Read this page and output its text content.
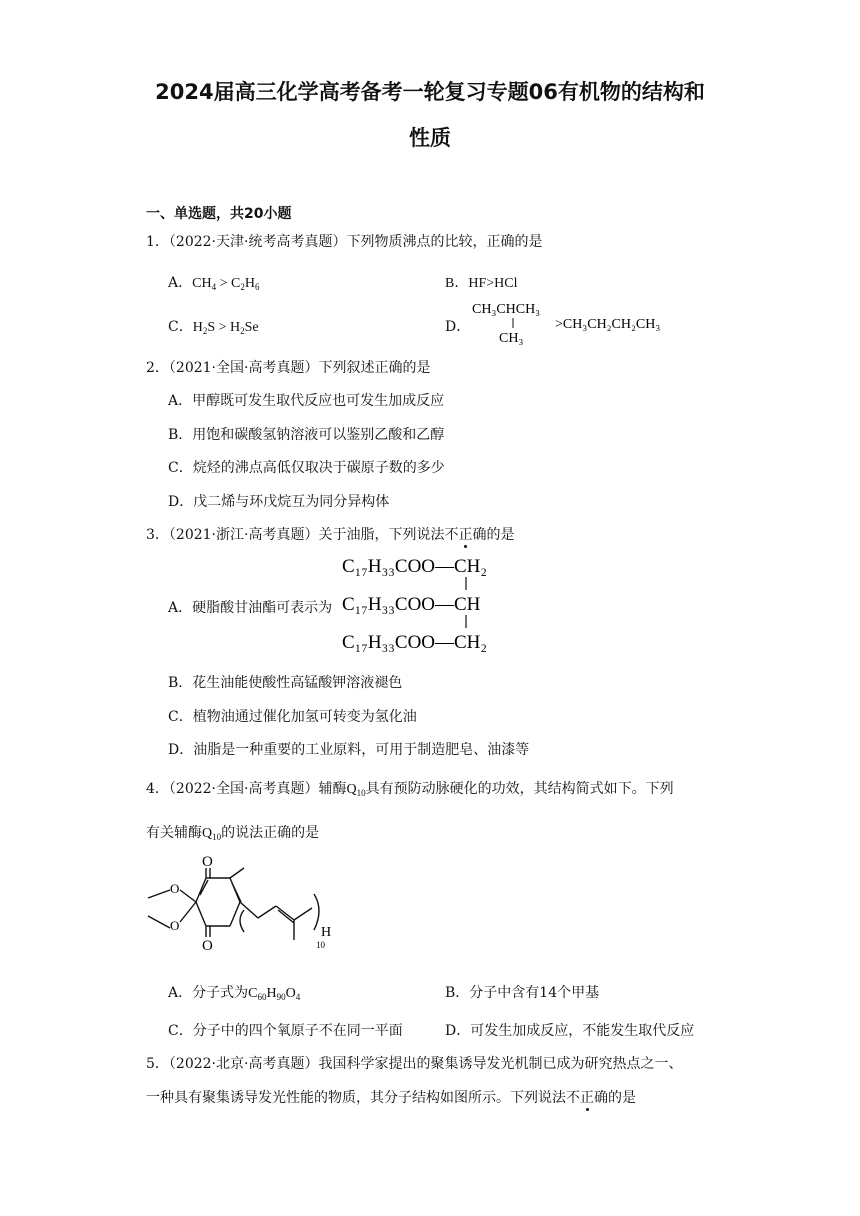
2024届高三化学高考备考一轮复习专题06有机物的结构和
性质
一、单选题，共20小题
1．（2022·天津·统考高考真题）下列物质沸点的比较，正确的是
A．$CH_4 > C_2H_6$	B．HF>HCl
C．$H_2S > H_2Se$	D．
CH₃CHCH₃
CH₃
>CH₃CH₂CH₂CH₃
2．（2021·全国·高考真题）下列叙述正确的是
A．甲醇既可发生取代反应也可发生加成反应
B．用饱和碳酸氢钠溶液可以鉴别乙酸和乙醇
C．烷烃的沸点高低仅取决于碳原子数的多少
D．戊二烯与环戊烷互为同分异构体
3．（2021·浙江·高考真题）关于油脂，下列说法不正确的是
A．硬脂酸甘油酯可表示为
C₁₇H₃₃COO—CH₂
C₁₇H₃₃COO—CH
C₁₇H₃₃COO—CH₂
B．花生油能使酸性高锰酸钾溶液褪色
C．植物油通过催化加氢可转变为氢化油
D．油脂是一种重要的工业原料，可用于制造肥皂、油漆等
4．（2022·全国·高考真题）辅酶$Q_{10}$具有预防动脉硬化的功效，其结构简式如下。下列
有关辅酶$Q_{10}$的说法正确的是
O
O
O
O	H
10
A．分子式为$C_{60}H_{90}O_4$	B．分子中含有14个甲基
C．分子中的四个氧原子不在同一平面	D．可发生加成反应，不能发生取代反应
5．（2022·北京·高考真题）我国科学家提出的聚集诱导发光机制已成为研究热点之一、
一种具有聚集诱导发光性能的物质，其分子结构如图所示。下列说法不正确的是
